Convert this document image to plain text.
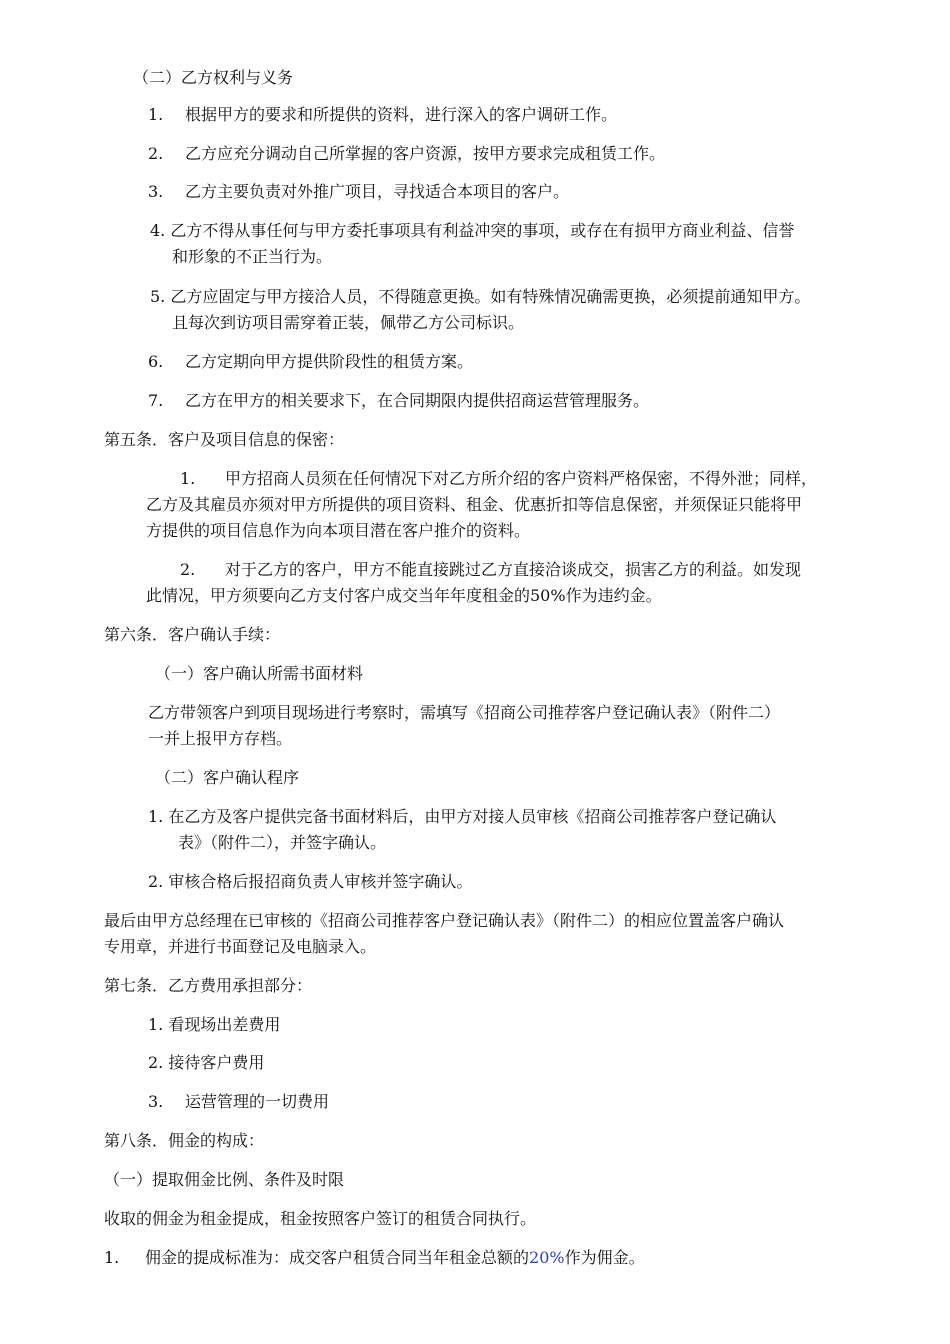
（二）乙方权利与义务
1. 根据甲方的要求和所提供的资料，进行深入的客户调研工作。
2. 乙方应充分调动自己所掌握的客户资源，按甲方要求完成租赁工作。
3. 乙方主要负责对外推广项目，寻找适合本项目的客户。
4. 乙方不得从事任何与甲方委托事项具有利益冲突的事项，或存在有损甲方商业利益、信誉
和形象的不正当行为。
5. 乙方应固定与甲方接洽人员，不得随意更换。如有特殊情况确需更换，必须提前通知甲方。
且每次到访项目需穿着正装，佩带乙方公司标识。
6. 乙方定期向甲方提供阶段性的租赁方案。
7. 乙方在甲方的相关要求下，在合同期限内提供招商运营管理服务。
第五条．客户及项目信息的保密：
1. 甲方招商人员须在任何情况下对乙方所介绍的客户资料严格保密，不得外泄；同样，
乙方及其雇员亦须对甲方所提供的项目资料、租金、优惠折扣等信息保密，并须保证只能将甲
方提供的项目信息作为向本项目潜在客户推介的资料。
2. 对于乙方的客户，甲方不能直接跳过乙方直接洽谈成交，损害乙方的利益。如发现
此情况，甲方须要向乙方支付客户成交当年年度租金的50%作为违约金。
第六条．客户确认手续：
（一）客户确认所需书面材料
乙方带领客户到项目现场进行考察时，需填写《招商公司推荐客户登记确认表》（附件二）
一并上报甲方存档。
（二）客户确认程序
1. 在乙方及客户提供完备书面材料后，由甲方对接人员审核《招商公司推荐客户登记确认
表》（附件二），并签字确认。
2. 审核合格后报招商负责人审核并签字确认。
最后由甲方总经理在已审核的《招商公司推荐客户登记确认表》（附件二）的相应位置盖客户确认
专用章，并进行书面登记及电脑录入。
第七条．乙方费用承担部分：
1. 看现场出差费用
2. 接待客户费用
3. 运营管理的一切费用
第八条．佣金的构成：
（一）提取佣金比例、条件及时限
收取的佣金为租金提成，租金按照客户签订的租赁合同执行。
1. 佣金的提成标准为：成交客户租赁合同当年租金总额的20%作为佣金。
